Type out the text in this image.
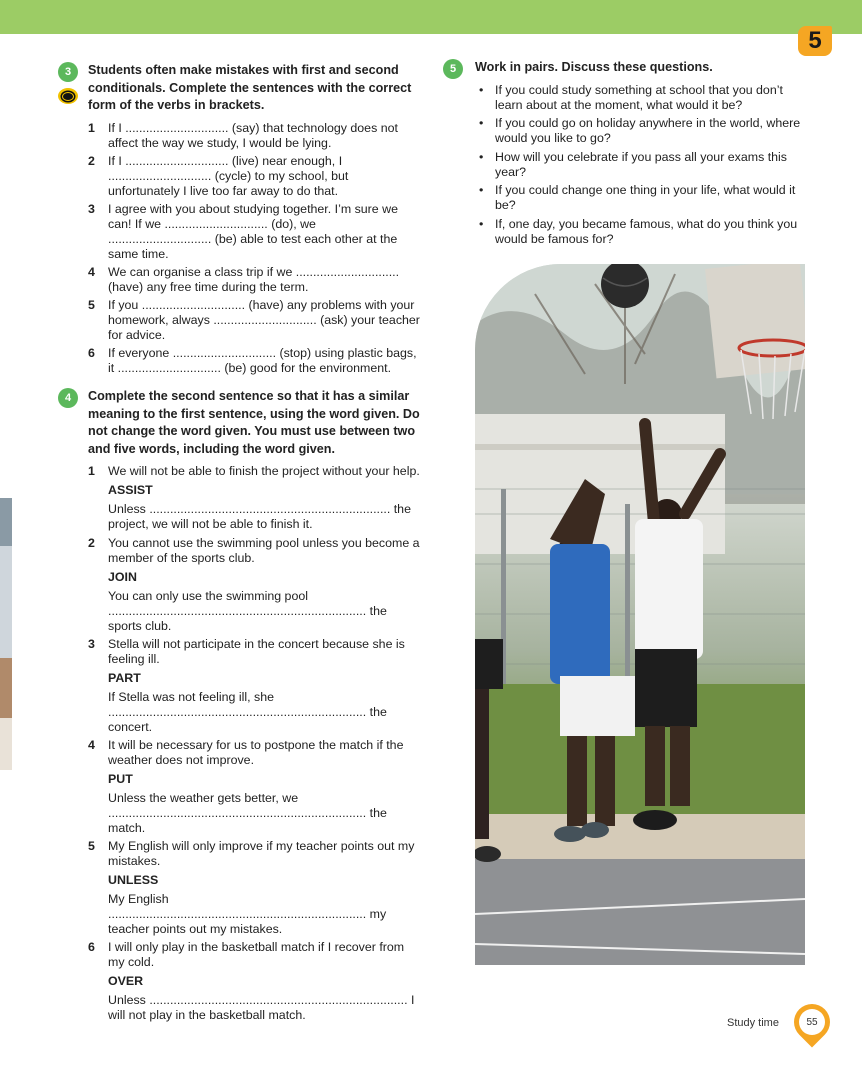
5
3	Students often make mistakes with first and second conditionals. Complete the sentences with the correct form of the verbs in brackets.
1	If I .............................. (say) that technology does not affect the way we study, I would be lying.
2	If I .............................. (live) near enough, I .............................. (cycle) to my school, but unfortunately I live too far away to do that.
3	I agree with you about studying together. I’m sure we can! If we .............................. (do), we .............................. (be) able to test each other at the same time.
4	We can organise a class trip if we .............................. (have) any free time during the term.
5	If you .............................. (have) any problems with your homework, always .............................. (ask) your teacher for advice.
6	If everyone .............................. (stop) using plastic bags, it .............................. (be) good for the environment.
4	Complete the second sentence so that it has a similar meaning to the first sentence, using the word given. Do not change the word given. You must use between two and five words, including the word given.
1	We will not be able to finish the project without your help.
ASSIST
Unless ...................................................................... the project, we will not be able to finish it.
2	You cannot use the swimming pool unless you become a member of the sports club.
JOIN
You can only use the swimming pool ........................................................................... the sports club.
3	Stella will not participate in the concert because she is feeling ill.
PART
If Stella was not feeling ill, she ........................................................................... the concert.
4	It will be necessary for us to postpone the match if the weather does not improve.
PUT
Unless the weather gets better, we ........................................................................... the match.
5	My English will only improve if my teacher points out my mistakes.
UNLESS
My English ........................................................................... my teacher points out my mistakes.
6	I will only play in the basketball match if I recover from my cold.
OVER
Unless ........................................................................... I will not play in the basketball match.
5	Work in pairs. Discuss these questions.
• If you could study something at school that you don’t learn about at the moment, what would it be?
• If you could go on holiday anywhere in the world, where would you like to go?
• How will you celebrate if you pass all your exams this year?
• If you could change one thing in your life, what would it be?
• If, one day, you became famous, what do you think you would be famous for?
Study time	55
